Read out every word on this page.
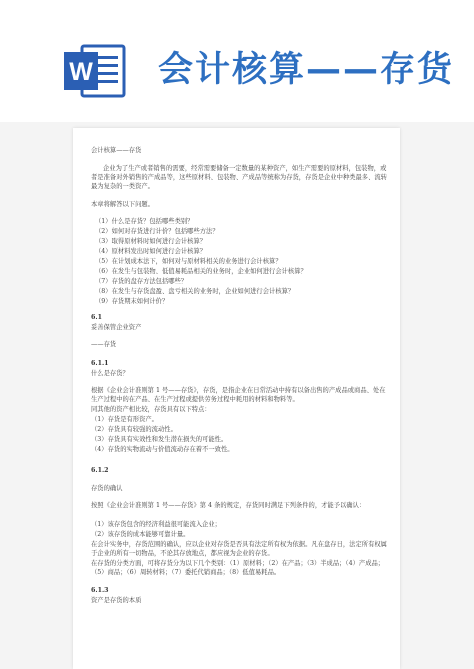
W 会计核算——存货
会计核算——存货
企业为了生产或者销售的需要，经常需要储备一定数量的某种资产，如生产需要的原材料，包装物，或者是准备对外销售的产成品等，这些原材料、包装物、产成品等统称为存货，存货是企业中种类最多、流转最为复杂的一类资产。
本章将解答以下问题。
（1）什么是存货？包括哪些类别？
（2）如何对存货进行计价？包括哪些方法？
（3）取得原材料时如何进行会计核算？
（4）原材料发出时如何进行会计核算？
（5）在计划成本法下，如何对与原材料相关的业务进行会计核算？
（6）在发生与包装物、低值易耗品相关的业务时，企业如何进行会计核算？
（7）存货的盘存方法包括哪些？
（8）在发生与存货盘盈、盘亏相关的业务时，企业如何进行会计核算？
（9）存货期末如何计价？
6.1
妥善保管企业资产
——存货
6.1.1
什么是存货？
根据《企业会计准则第 1 号——存货》，存货，是指企业在日常活动中持有以备出售的产成品或商品、处在生产过程中的在产品、在生产过程或提供劳务过程中耗用的材料和物料等。
同其他的资产相比较，存货具有以下特点：
（1）存货是有形资产。
（2）存货具有较强的流动性。
（3）存货具有实效性和发生潜在损失的可能性。
（4）存货的实物流动与价值流动存在着不一致性。
6.1.2
存货的确认
按照《企业会计准则第 1 号——存货》第 4 条的规定，存货同时满足下列条件的，才能予以确认：
（1）该存货包含的经济利益很可能流入企业；
（2）该存货的成本能够可靠计量。
在会计实务中，存货范围的确认，应以企业对存货是否具有法定所有权为依据。凡在盘存日，法定所有权属于企业的所有一切物品，不论其存放地点，都应视为企业的存货。
在存货的分类方面，可将存货分为以下几个类别：（1）原材料；（2）在产品；（3）半成品；（4）产成品；（5）商品；（6）周转材料；（7）委托代销商品；（8）低值易耗品。
6.1.3
资产是存货的本质
